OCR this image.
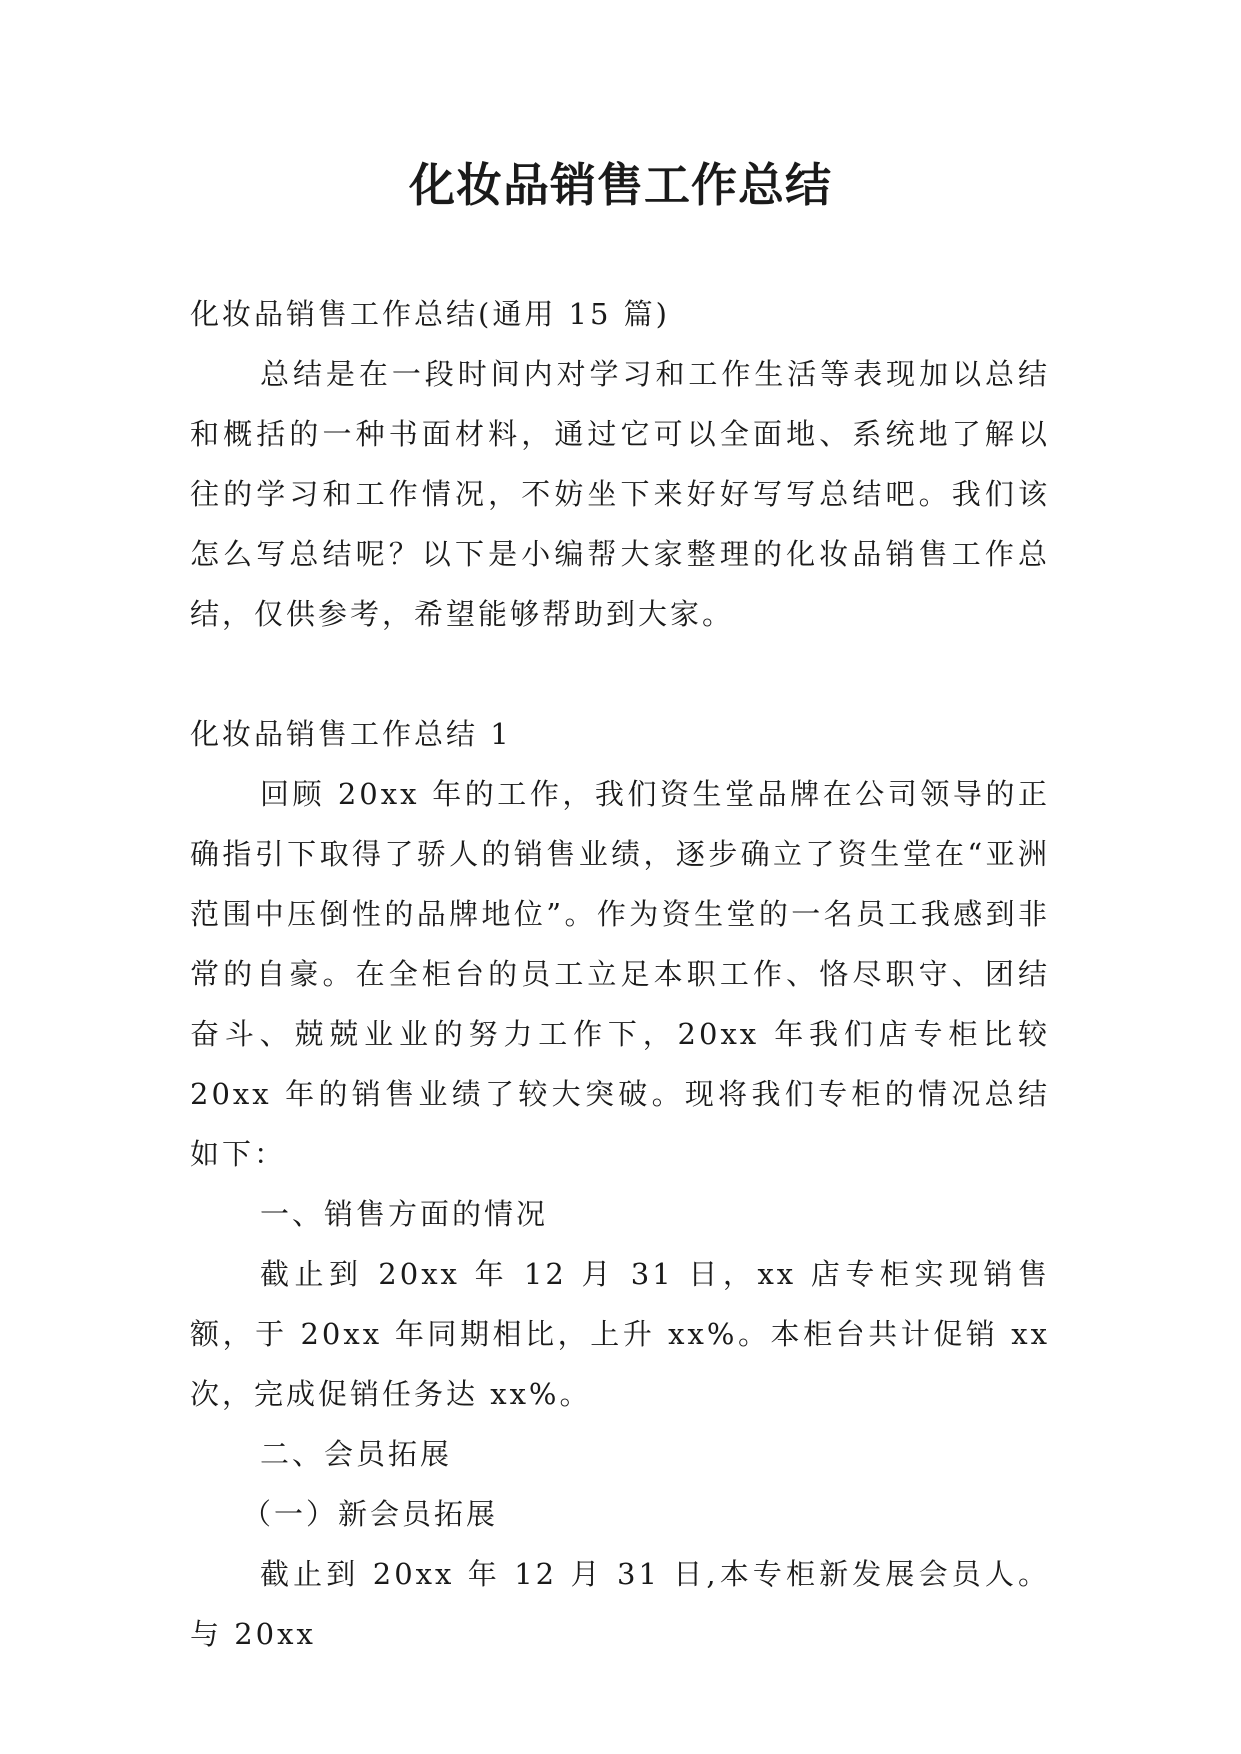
化妆品销售工作总结

化妆品销售工作总结(通用 15 篇)

总结是在一段时间内对学习和工作生活等表现加以总结和概括的一种书面材料，通过它可以全面地、系统地了解以往的学习和工作情况，不妨坐下来好好写写总结吧。我们该怎么写总结呢？以下是小编帮大家整理的化妆品销售工作总结，仅供参考，希望能够帮助到大家。

化妆品销售工作总结 1

回顾 20xx 年的工作，我们资生堂品牌在公司领导的正确指引下取得了骄人的销售业绩，逐步确立了资生堂在“亚洲范围中压倒性的品牌地位”。作为资生堂的一名员工我感到非常的自豪。在全柜台的员工立足本职工作、恪尽职守、团结奋斗、兢兢业业的努力工作下，20xx 年我们店专柜比较 20xx 年的销售业绩了较大突破。现将我们专柜的情况总结如下：

一、销售方面的情况

截止到 20xx 年 12 月 31 日，xx 店专柜实现销售额，于 20xx 年同期相比，上升 xx%。本柜台共计促销 xx 次，完成促销任务达 xx%。

二、会员拓展

（一）新会员拓展

截止到 20xx 年 12 月 31 日,本专柜新发展会员人。与 20xx
